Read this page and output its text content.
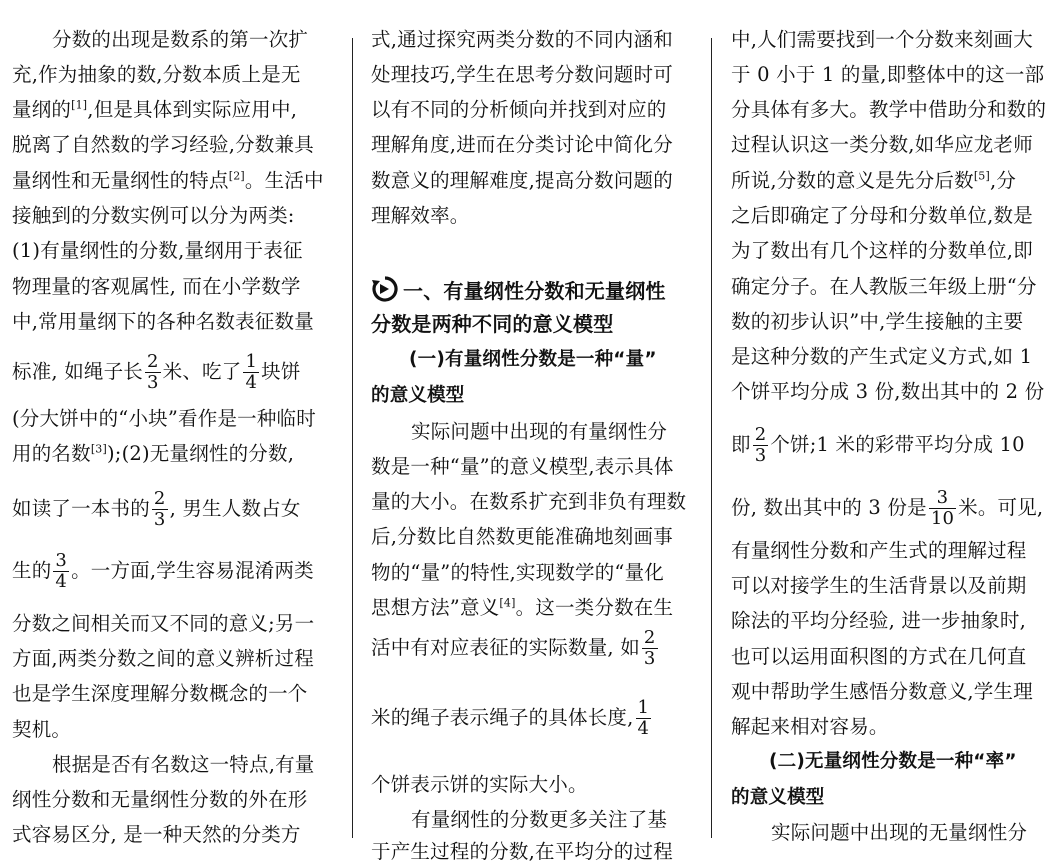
分数的出现是数系的第一次扩
充,作为抽象的数,分数本质上是无
量纲的[1],但是具体到实际应用中,
脱离了自然数的学习经验,分数兼具
量纲性和无量纲性的特点[2]。生活中
接触到的分数实例可以分为两类:
(1)有量纲性的分数,量纲用于表征
物理量的客观属性, 而在小学数学
中,常用量纲下的各种名数表征数量
标准, 如绳子长 $\frac{2}{3}$ 米、吃了 $\frac{1}{4}$ 块饼
(分大饼中的“小块”看作是一种临时
用的名数[3]);(2)无量纲性的分数,
如读了一本书的 $\frac{2}{3}$ , 男生人数占女
生的 $\frac{3}{4}$ 。一方面,学生容易混淆两类
分数之间相关而又不同的意义;另一
方面,两类分数之间的意义辨析过程
也是学生深度理解分数概念的一个
契机。
根据是否有名数这一特点,有量
纲性分数和无量纲性分数的外在形
式容易区分, 是一种天然的分类方
式,通过探究两类分数的不同内涵和
处理技巧,学生在思考分数问题时可
以有不同的分析倾向并找到对应的
理解角度,进而在分类讨论中简化分
数意义的理解难度,提高分数问题的
理解效率。
一、有量纲性分数和无量纲性
分数是两种不同的意义模型
(一)有量纲性分数是一种“量”
的意义模型
实际问题中出现的有量纲性分
数是一种“量”的意义模型,表示具体
量的大小。在数系扩充到非负有理数
后,分数比自然数更能准确地刻画事
物的“量”的特性,实现数学的“量化
思想方法”意义[4]。这一类分数在生
活中有对应表征的实际数量, 如 $\frac{2}{3}$
米的绳子表示绳子的具体长度, $\frac{1}{4}$
个饼表示饼的实际大小。
有量纲性的分数更多关注了基
于产生过程的分数,在平均分的过程
中,人们需要找到一个分数来刻画大
于 0 小于 1 的量,即整体中的这一部
分具体有多大。教学中借助分和数的
过程认识这一类分数,如华应龙老师
所说,分数的意义是先分后数[5],分
之后即确定了分母和分数单位,数是
为了数出有几个这样的分数单位,即
确定分子。在人教版三年级上册“分
数的初步认识”中,学生接触的主要
是这种分数的产生式定义方式,如 1
个饼平均分成 3 份,数出其中的 2 份
即 $\frac{2}{3}$ 个饼;1 米的彩带平均分成 10
份, 数出其中的 3 份是 $\frac{3}{10}$ 米。可见,
有量纲性分数和产生式的理解过程
可以对接学生的生活背景以及前期
除法的平均分经验, 进一步抽象时,
也可以运用面积图的方式在几何直
观中帮助学生感悟分数意义,学生理
解起来相对容易。
(二)无量纲性分数是一种“率”
的意义模型
实际问题中出现的无量纲性分
